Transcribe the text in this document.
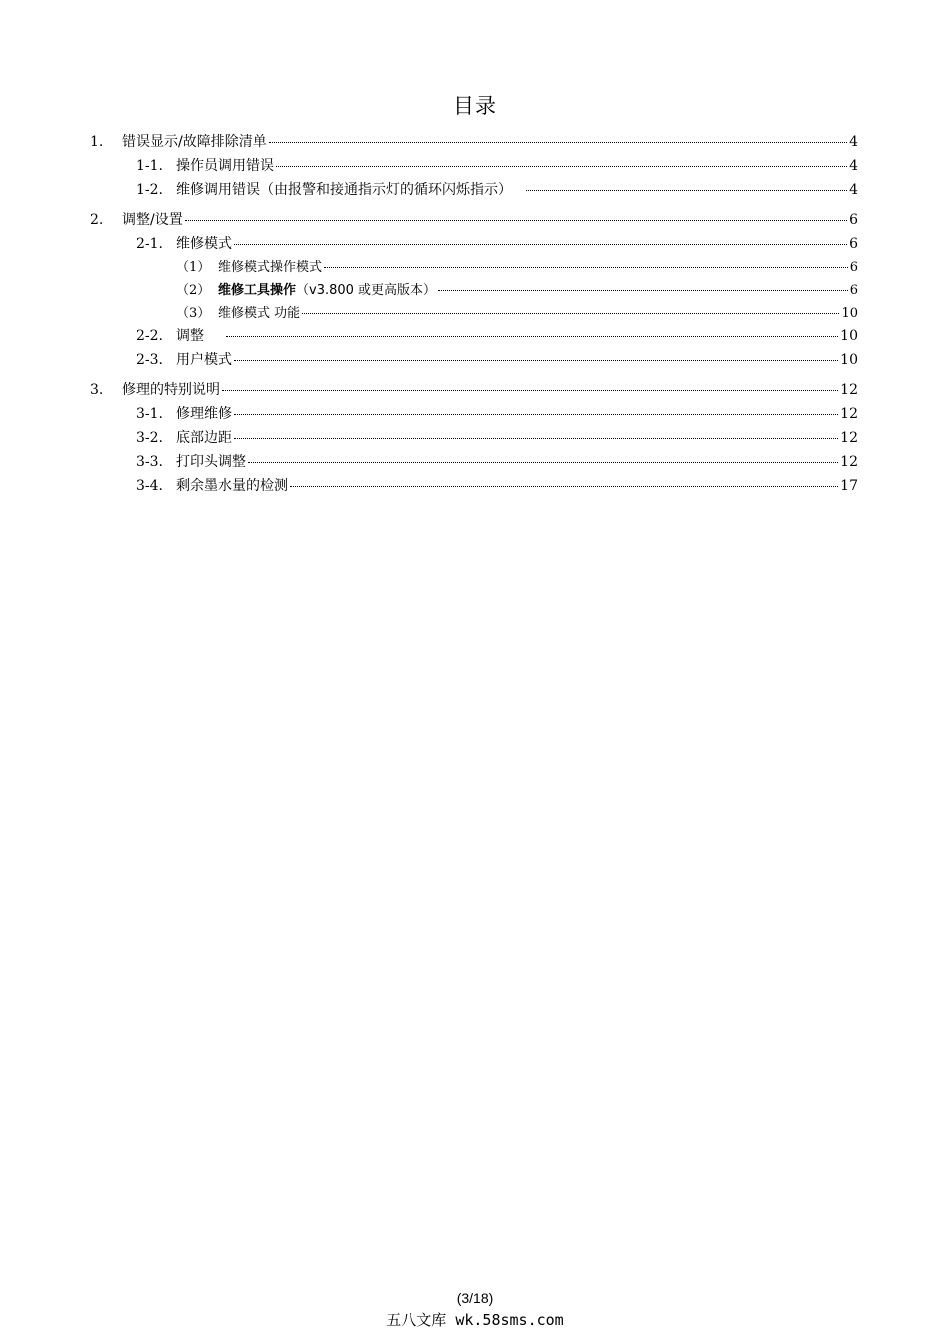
目录
1.	错误显示/故障排除清单	4
1-1. 操作员调用错误	4
1-2. 维修调用错误（由报警和接通指示灯的循环闪烁指示）	4
2.	调整/设置	6
2-1. 维修模式	6
（1） 维修模式操作模式	6
（2） 维修工具操作（v3.800 或更高版本）	6
（3） 维修模式 功能	10
2-2. 调整	10
2-3. 用户模式	10
3.	修理的特别说明	12
3-1. 修理维修	12
3-2. 底部边距	12
3-3. 打印头调整	12
3-4. 剩余墨水量的检测	17
(3/18)
五八文库 wk.58sms.com
